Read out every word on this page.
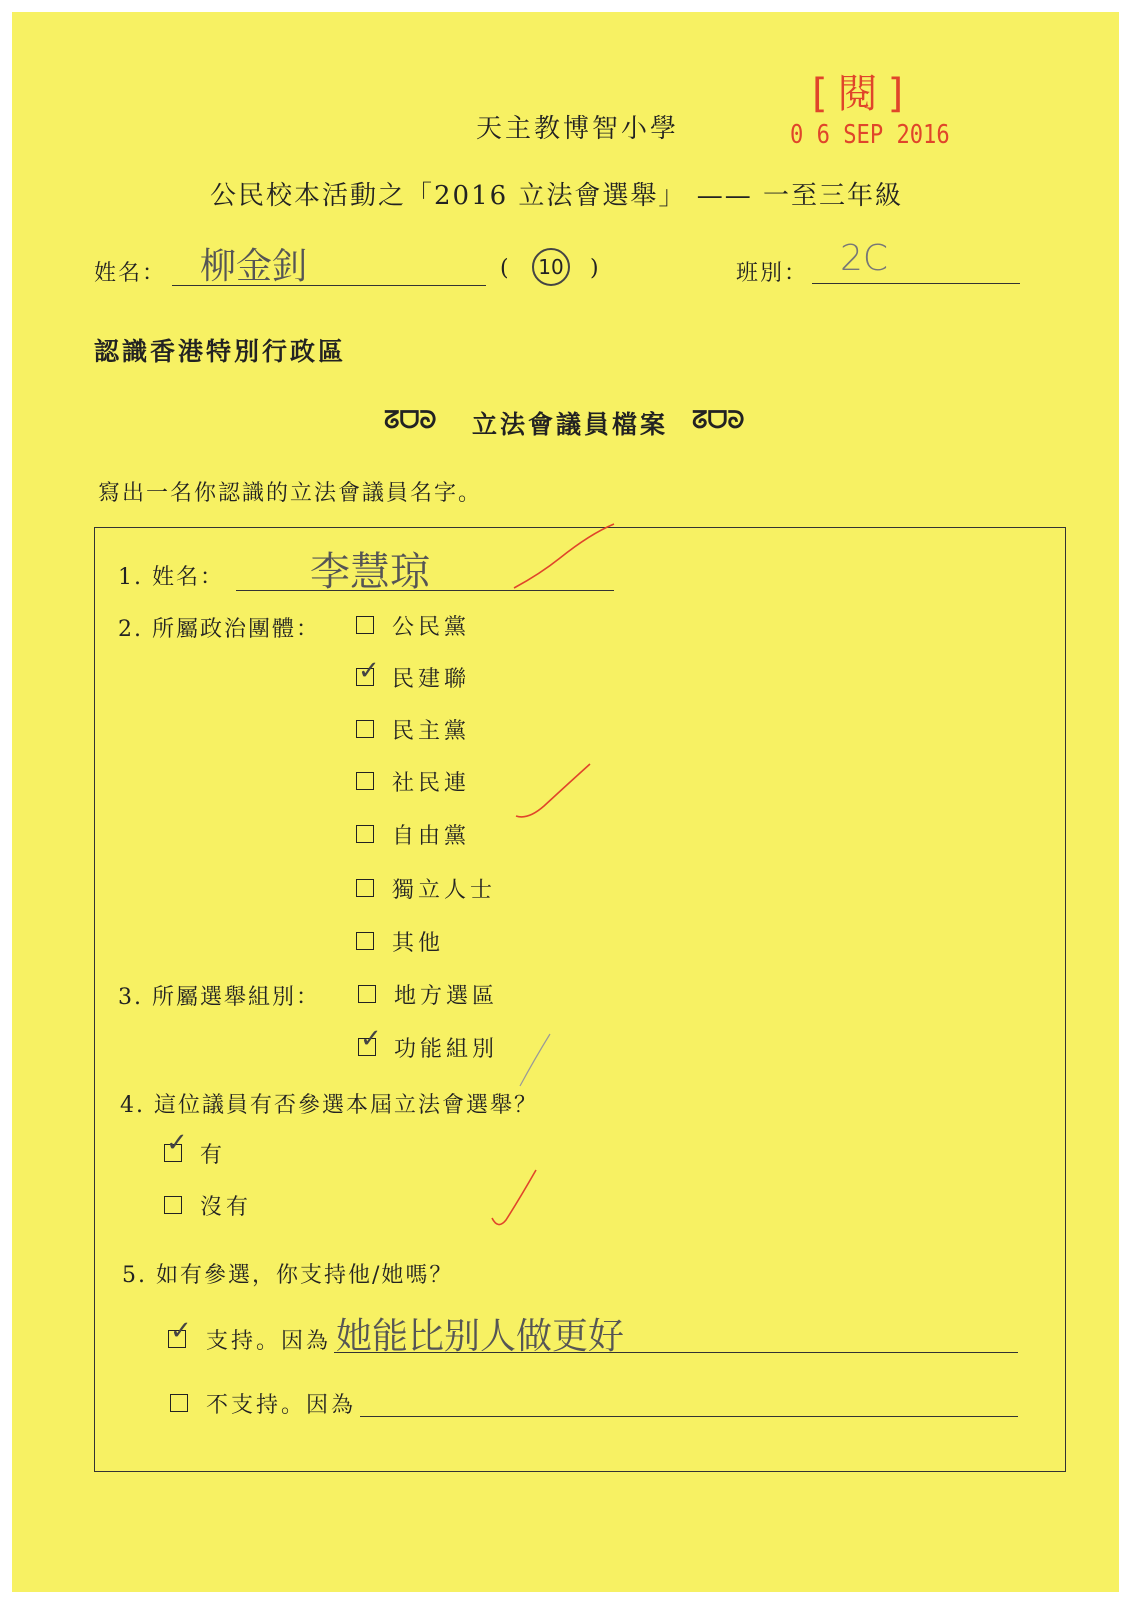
[閱]
0 6 SEP 2016
天主教博智小學
公民校本活動之「2016 立法會選舉」 —— 一至三年級
姓名： 柳金釗	(	10 )	班別： 2C
認識香港特別行政區
ᘔᗜᘐ 立法會議員檔案 ᘔᗜᘐ
寫出一名你認識的立法會議員名字。
1. 姓名： 李慧琼
2. 所屬政治團體：	公民黨
✓ 民建聯
民主黨
社民連
自由黨
獨立人士
其他
3. 所屬選舉組別：	地方選區
✓ 功能組別
4. 這位議員有否參選本屆立法會選舉？
✓ 有
沒有
5. 如有參選，你支持他/她嗎？
✓ 支持。因為 她能比别人做更好
不支持。因為
